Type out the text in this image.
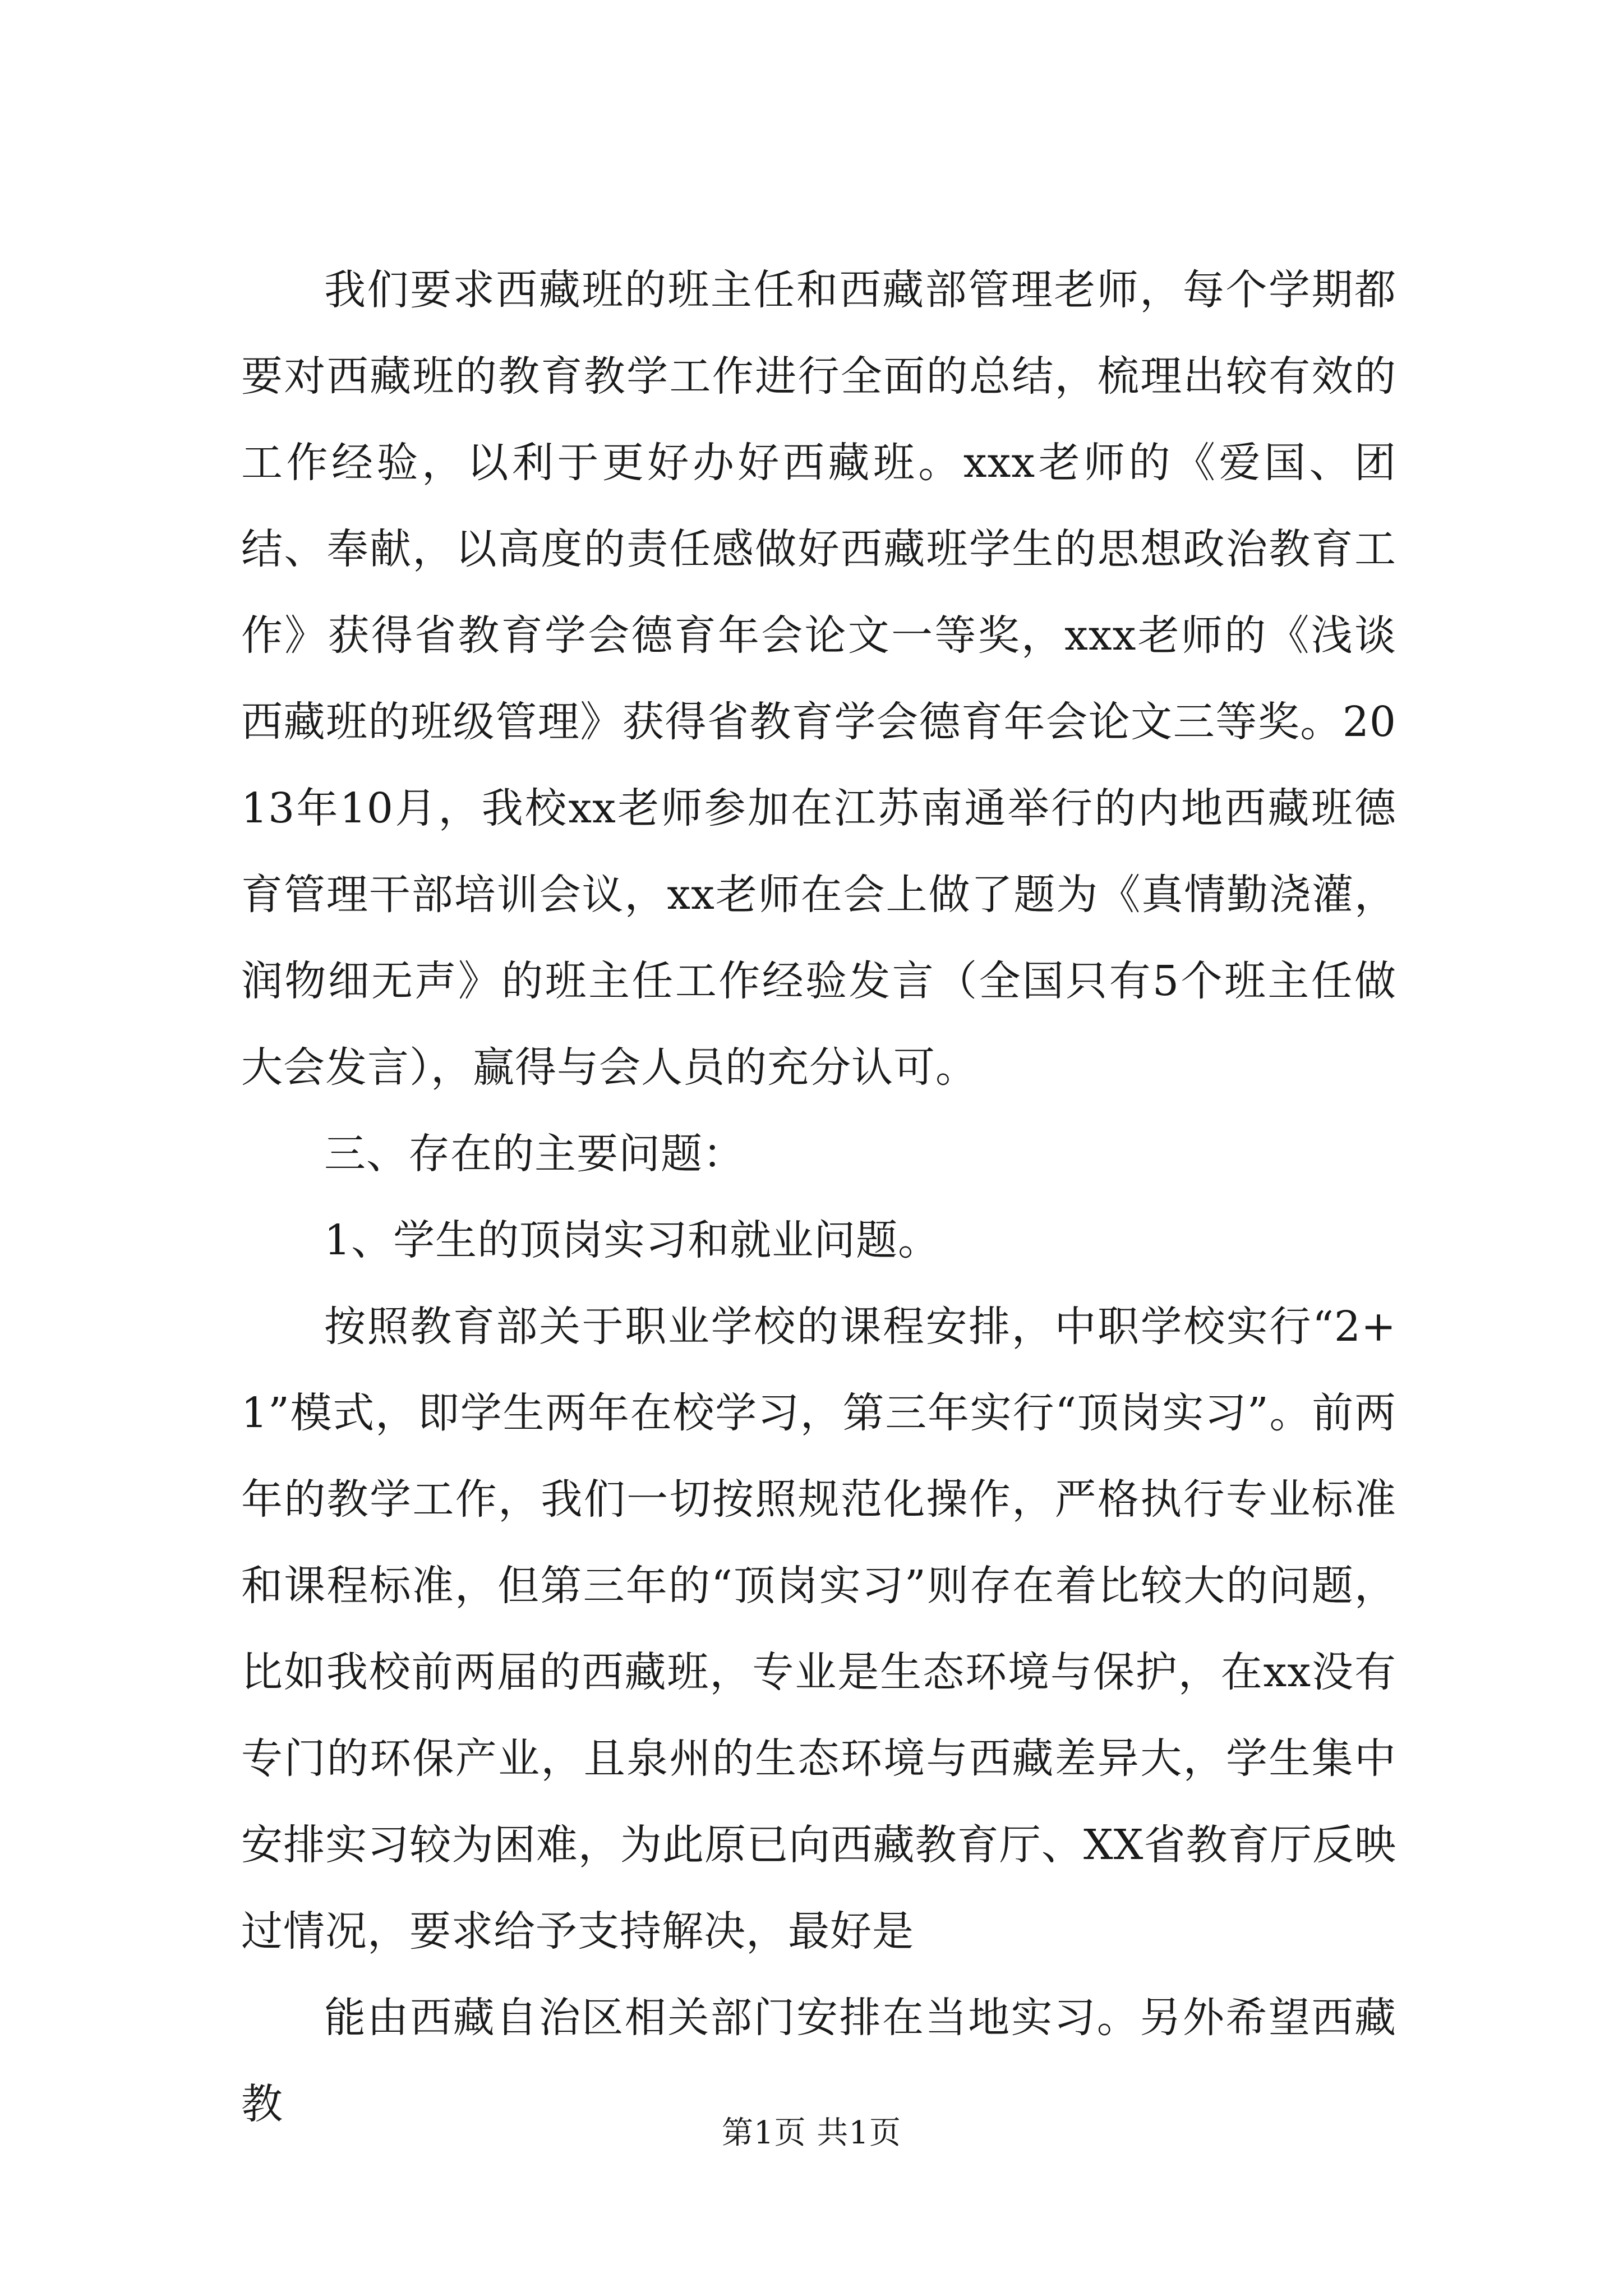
我们要求西藏班的班主任和西藏部管理老师，每个学期都要对西藏班的教育教学工作进行全面的总结，梳理出较有效的工作经验，以利于更好办好西藏班。xxx老师的《爱国、团结、奉献，以高度的责任感做好西藏班学生的思想政治教育工作》获得省教育学会德育年会论文一等奖，xxx老师的《浅谈西藏班的班级管理》获得省教育学会德育年会论文三等奖。2013年10月，我校xx老师参加在江苏南通举行的内地西藏班德育管理干部培训会议，xx老师在会上做了题为《真情勤浇灌，润物细无声》的班主任工作经验发言（全国只有5个班主任做大会发言），赢得与会人员的充分认可。

三、存在的主要问题：

1、学生的顶岗实习和就业问题。

按照教育部关于职业学校的课程安排，中职学校实行“2+1”模式，即学生两年在校学习，第三年实行“顶岗实习”。前两年的教学工作，我们一切按照规范化操作，严格执行专业标准和课程标准，但第三年的“顶岗实习”则存在着比较大的问题，比如我校前两届的西藏班，专业是生态环境与保护，在xx没有专门的环保产业，且泉州的生态环境与西藏差异大，学生集中安排实习较为困难，为此原已向西藏教育厅、XX省教育厅反映过情况，要求给予支持解决，最好是

能由西藏自治区相关部门安排在当地实习。另外希望西藏教

第1页 共1页
